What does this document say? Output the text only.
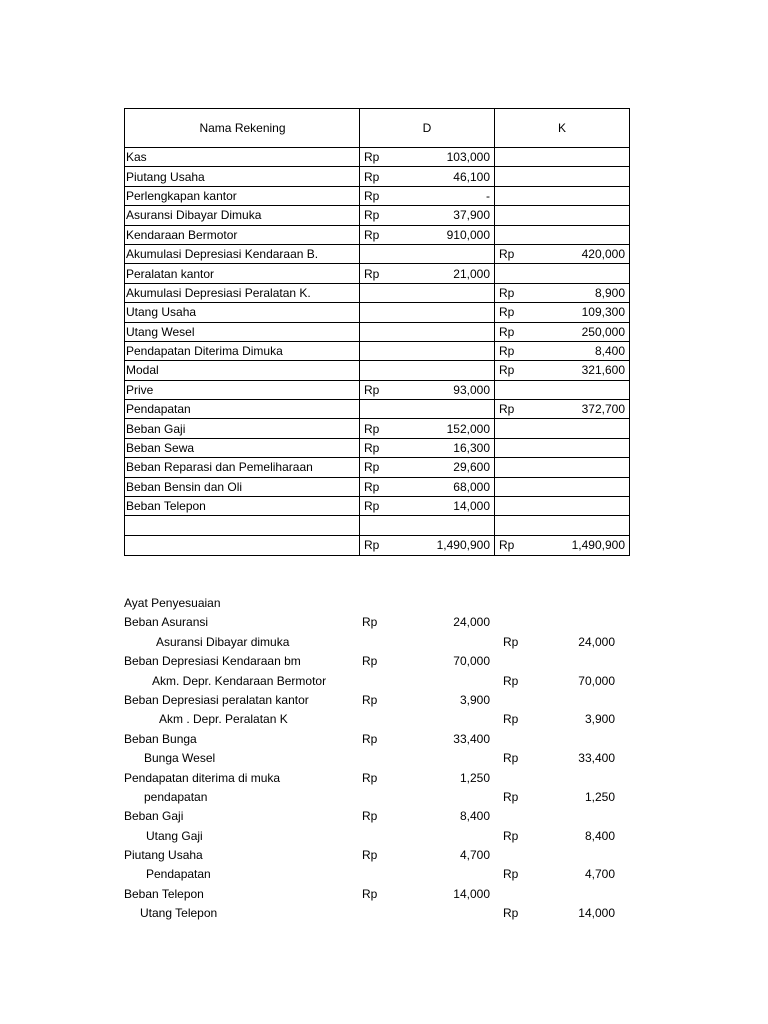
Nama Rekening	D	K
Kas	Rp 103,000	

Piutang Usaha	Rp 46,100	

Perlengkapan kantor	Rp -	

Asuransi Dibayar Dimuka	Rp 37,900	

Kendaraan Bermotor	Rp 910,000	

Akumulasi Depresiasi Kendaraan B.		Rp 420,000

Peralatan kantor	Rp 21,000	

Akumulasi Depresiasi Peralatan K.		Rp 8,900

Utang Usaha		Rp 109,300

Utang Wesel		Rp 250,000

Pendapatan Diterima Dimuka		Rp 8,400

Modal		Rp 321,600

Prive	Rp 93,000	

Pendapatan		Rp 372,700

Beban Gaji	Rp 152,000	

Beban Sewa	Rp 16,300	

Beban Reparasi dan Pemeliharaan	Rp 29,600	

Beban Bensin dan Oli	Rp 68,000	

Beban Telepon	Rp 14,000	

	Rp 1,490,900	Rp 1,490,900
Ayat Penyesuaian
Beban Asuransi	Rp	24,000
Asuransi Dibayar dimuka	Rp	24,000
Beban Depresiasi Kendaraan bm	Rp	70,000
Akm. Depr. Kendaraan Bermotor	Rp	70,000
Beban Depresiasi peralatan kantor	Rp	3,900
Akm . Depr. Peralatan K	Rp	3,900
Beban Bunga	Rp	33,400
Bunga Wesel	Rp	33,400
Pendapatan diterima di muka	Rp	1,250
pendapatan	Rp	1,250
Beban Gaji	Rp	8,400
Utang Gaji	Rp	8,400
Piutang Usaha	Rp	4,700
Pendapatan	Rp	4,700
Beban Telepon	Rp	14,000
Utang Telepon	Rp	14,000
